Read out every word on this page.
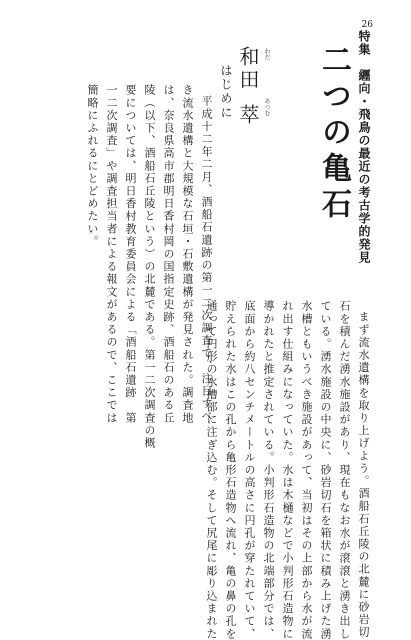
26
特集　纒向・飛鳥の最近の考古学的発見
二つの亀石
和田 わだ
萃 あつむ
はじめに
平成十二年二月、酒船石遺跡の第一二次調査で、注目すべ
き流水遺構と大規模な石垣・石敷遺構が発見された。調査地
は、奈良県高市郡明日香村岡の国指定史跡、酒船石のある丘
陵（以下、酒船石丘陵という）の北麓である。第一二次調査の概
要については、明日香村教育委員会による「酒船石遺跡　第
一二次調査」や調査担当者による報文があるので、ここでは
簡略にふれるにとどめたい。
まず流水遺構を取り上げよう。酒船石丘陵の北麓に砂岩切
石を積んだ湧水施設があり、現在もなお水が滾滾と湧き出し
ている。湧水施設の中央に、砂岩切石を箱状に積み上げた湧
水槽ともいうべき施設があって、当初はその上部から水が流
れ出す仕組みになっていた。水は木樋などで小判形石造物に
導かれたと推定されている。小判形石造物の北端部分では、
底面から約八センチメートルの高さに円孔が穿たれていて、
貯えられた水はこの孔から亀形石造物へ流れ、亀の鼻の孔を
通って円形の水槽部に注ぎ込む。そして尻尾に彫り込まれた
